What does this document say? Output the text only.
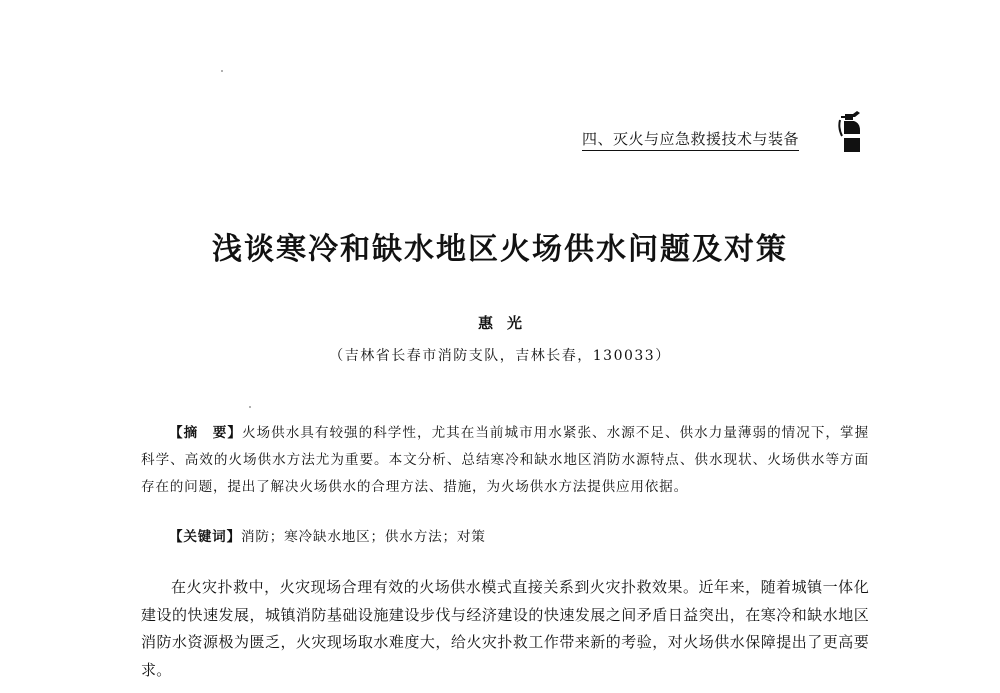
四、灭火与应急救援技术与装备
浅谈寒冷和缺水地区火场供水问题及对策
惠光
（吉林省长春市消防支队，吉林长春，130033）
【摘　要】火场供水具有较强的科学性，尤其在当前城市用水紧张、水源不足、供水力量薄弱的情况下，掌握科学、高效的火场供水方法尤为重要。本文分析、总结寒冷和缺水地区消防水源特点、供水现状、火场供水等方面存在的问题，提出了解决火场供水的合理方法、措施，为火场供水方法提供应用依据。
【关键词】消防；寒冷缺水地区；供水方法；对策
在火灾扑救中，火灾现场合理有效的火场供水模式直接关系到火灾扑救效果。近年来，随着城镇一体化建设的快速发展，城镇消防基础设施建设步伐与经济建设的快速发展之间矛盾日益突出，在寒冷和缺水地区消防水资源极为匮乏，火灾现场取水难度大，给火灾扑救工作带来新的考验，对火场供水保障提出了更高要求。
